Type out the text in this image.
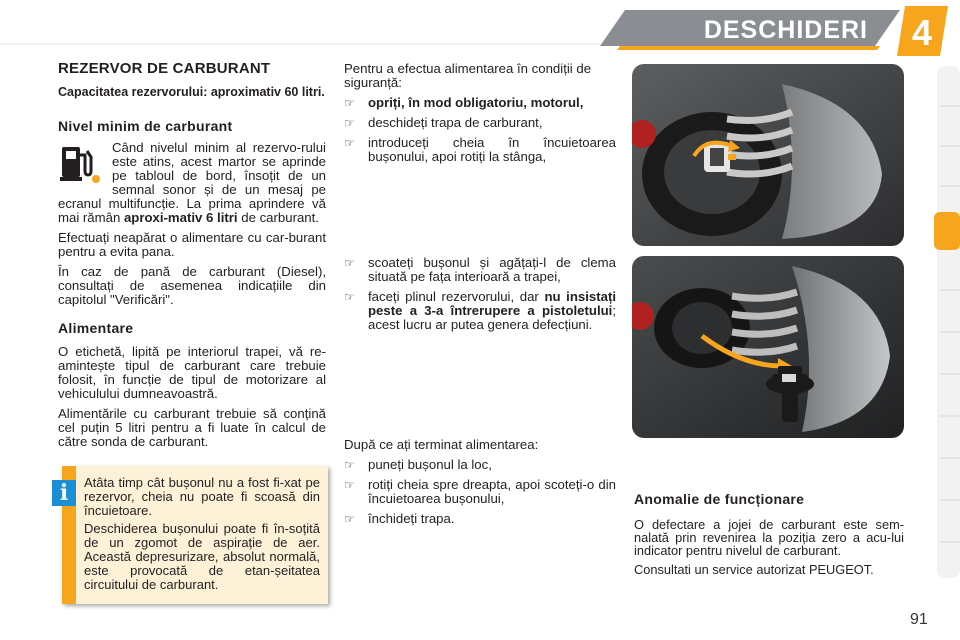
DESCHIDERI 4
REZERVOR DE CARBURANT

Capacitatea rezervorului: aproximativ 60 litri.

Nivel minim de carburant

Când nivelul minim al rezervo-rului este atins, acest martor se aprinde pe tabloul de bord, însoțit de un semnal sonor și de un mesaj pe ecranul multifuncție. La prima aprindere vă mai rămân aproxi-mativ 6 litri de carburant.

Efectuați neapărat o alimentare cu car-burant pentru a evita pana.

În caz de pană de carburant (Diesel), consultați de asemenea indicațiile din capitolul "Verificări".

Alimentare

O etichetă, lipită pe interiorul trapei, vă re-amintește tipul de carburant care trebuie folosit, în funcție de tipul de motorizare al vehiculului dumneavoastră.

Alimentările cu carburant trebuie să conțină cel puțin 5 litri pentru a fi luate în calcul de către sonda de carburant.

Atâta timp cât bușonul nu a fost fi-xat pe rezervor, cheia nu poate fi scoasă din încuietoare.

Deschiderea bușonului poate fi în-soțită de un zgomot de aspirație de aer. Această depresurizare, absolut normală, este provocată de etan-șeitatea circuitului de carburant.

i

Pentru a efectua alimentarea în condiții de siguranță:

☞ opriți, în mod obligatoriu, motorul,
☞ deschideți trapa de carburant,
☞ introduceți cheia în încuietoarea bușonului, apoi rotiți la stânga,
☞ scoateți bușonul și agățați-l de clema situată pe fața interioară a trapei,
☞ faceți plinul rezervorului, dar nu insistați peste a 3-a întrerupere a pistoletului; acest lucru ar putea genera defecțiuni.

După ce ați terminat alimentarea:

☞ puneți bușonul la loc,
☞ rotiți cheia spre dreapta, apoi scoteți-o din încuietoarea bușonului,
☞ închideți trapa.
Anomalie de funcționare

O defectare a jojei de carburant este sem-nalată prin revenirea la poziția zero a acu-lui indicator pentru nivelul de carburant.

Consultati un service autorizat PEUGEOT.

91
